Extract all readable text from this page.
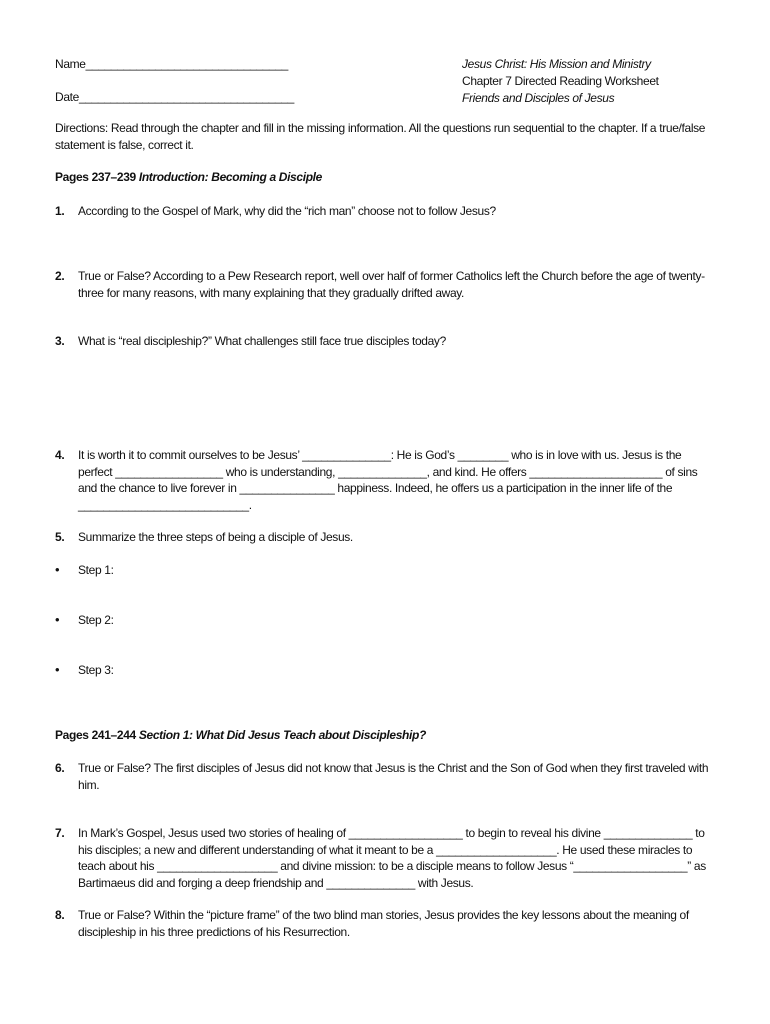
Name________________________________
Date__________________________________
Jesus Christ: His Mission and Ministry
Chapter 7 Directed Reading Worksheet
Friends and Disciples of Jesus
Directions: Read through the chapter and fill in the missing information. All the questions run sequential to the chapter. If a true/false statement is false, correct it.
Pages 237–239 Introduction: Becoming a Disciple
1.	According to the Gospel of Mark, why did the “rich man” choose not to follow Jesus?
2.	True or False? According to a Pew Research report, well over half of former Catholics left the Church before the age of twenty-three for many reasons, with many explaining that they gradually drifted away.
3.	What is “real discipleship?” What challenges still face true disciples today?
4.	It is worth it to commit ourselves to be Jesus’ ______________: He is God’s ________ who is in love with us. Jesus is the perfect _________________ who is understanding, ______________, and kind. He offers _____________________ of sins and the chance to live forever in _______________ happiness. Indeed, he offers us a participation in the inner life of the ___________________________.
5.	Summarize the three steps of being a disciple of Jesus.
• Step 1:
• Step 2:
• Step 3:
Pages 241–244 Section 1: What Did Jesus Teach about Discipleship?
6.	True or False? The first disciples of Jesus did not know that Jesus is the Christ and the Son of God when they first traveled with him.
7.	In Mark’s Gospel, Jesus used two stories of healing of __________________ to begin to reveal his divine ______________ to his disciples; a new and different understanding of what it meant to be a ___________________. He used these miracles to teach about his ___________________ and divine mission: to be a disciple means to follow Jesus “__________________” as Bartimaeus did and forging a deep friendship and ______________ with Jesus.
8.	True or False? Within the “picture frame” of the two blind man stories, Jesus provides the key lessons about the meaning of discipleship in his three predictions of his Resurrection.
